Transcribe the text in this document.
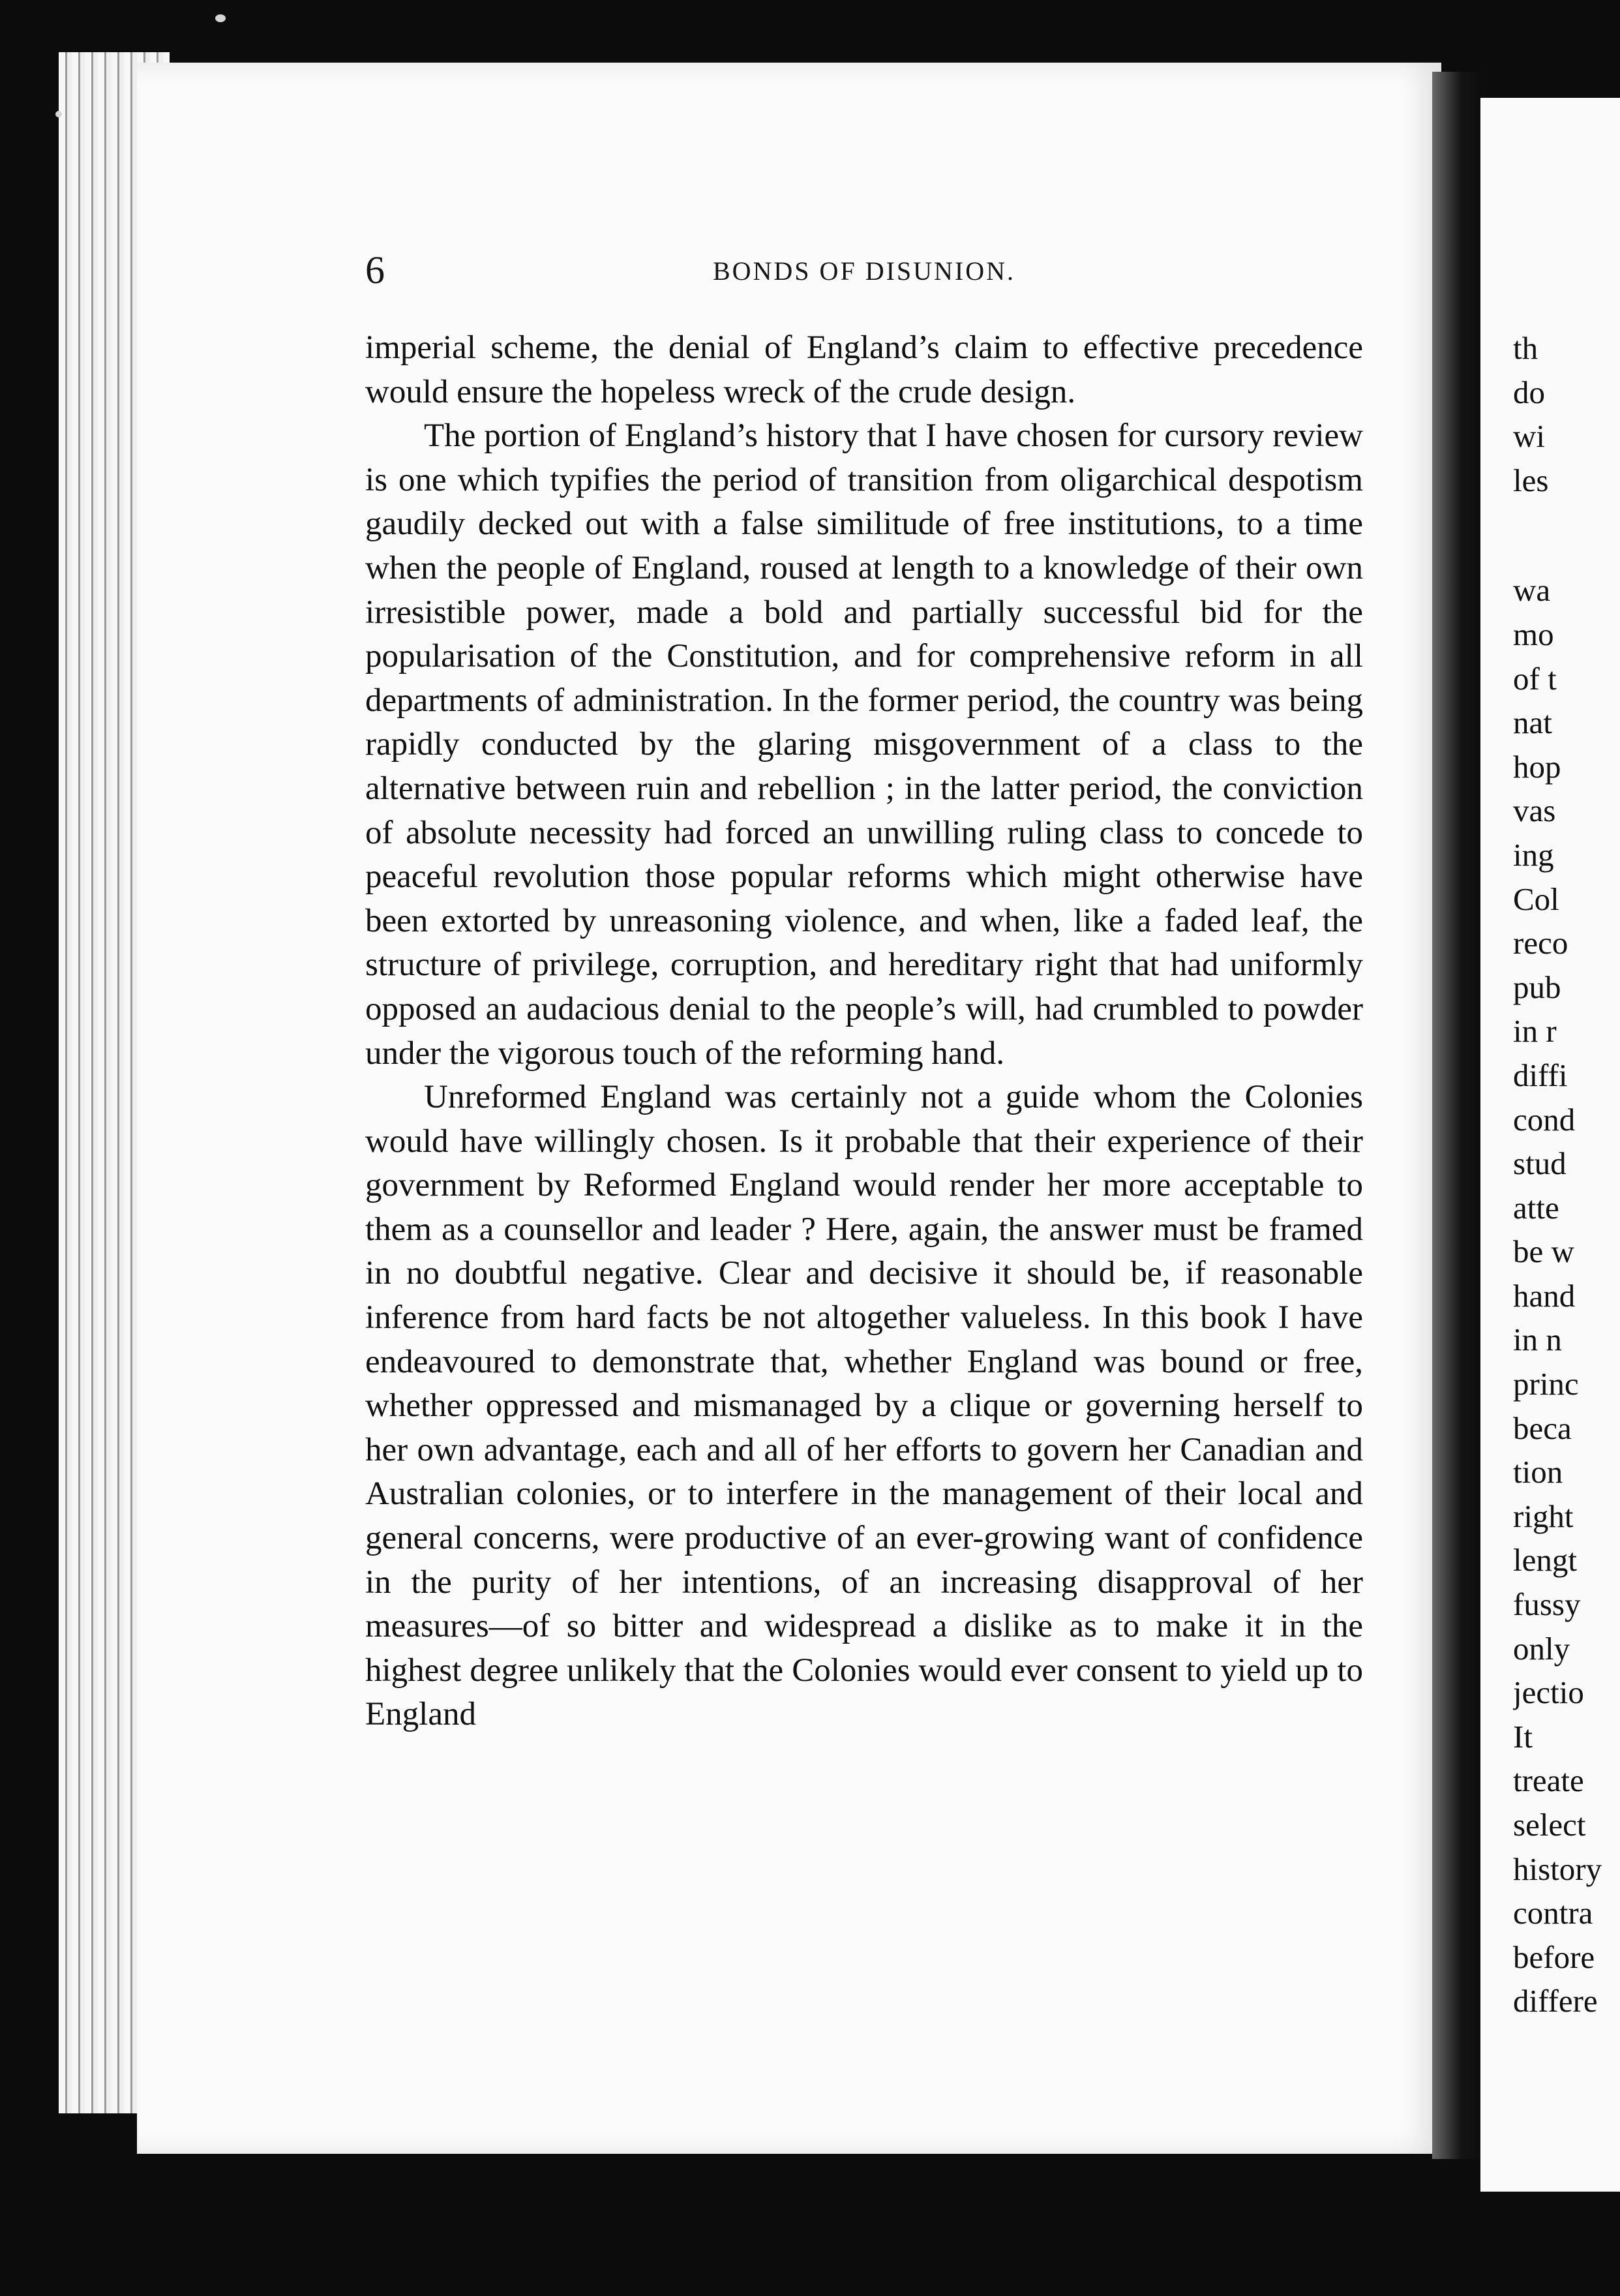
6	BONDS OF DISUNION.

imperial scheme, the denial of England’s claim to effective precedence would ensure the hopeless wreck of the crude design.

The portion of England’s history that I have chosen for cursory review is one which typifies the period of transition from oligarchical despotism gaudily decked out with a false similitude of free institutions, to a time when the people of England, roused at length to a knowledge of their own irresistible power, made a bold and partially successful bid for the popularisation of the Constitution, and for comprehensive reform in all departments of administration. In the former period, the country was being rapidly conducted by the glaring misgovernment of a class to the alternative between ruin and rebellion ; in the latter period, the conviction of absolute necessity had forced an unwilling ruling class to concede to peaceful revolution those popular reforms which might otherwise have been extorted by unreasoning violence, and when, like a faded leaf, the structure of privilege, corruption, and hereditary right that had uniformly opposed an audacious denial to the people’s will, had crumbled to powder under the vigorous touch of the reforming hand.

Unreformed England was certainly not a guide whom the Colonies would have willingly chosen. Is it probable that their experience of their government by Reformed England would render her more acceptable to them as a counsellor and leader ? Here, again, the answer must be framed in no doubtful negative. Clear and decisive it should be, if reasonable inference from hard facts be not altogether valueless. In this book I have endeavoured to demonstrate that, whether England was bound or free, whether oppressed and mismanaged by a clique or governing herself to her own advantage, each and all of her efforts to govern her Canadian and Australian colonies, or to interfere in the management of their local and general concerns, were productive of an ever-growing want of confidence in the purity of her intentions, of an increasing disapproval of her measures—of so bitter and widespread a dislike as to make it in the highest degree unlikely that the Colonies would ever consent to yield up to England

th
do
wi
les
wa
mo
of t
nat
hop
vas
ing
Col
reco
pub
in r
diffi
cond
stud
atte
be w
hand
in n
princ
beca
tion
right
lengt
fussy
only
jectio
It
treate
select
history
contra
before
differe
